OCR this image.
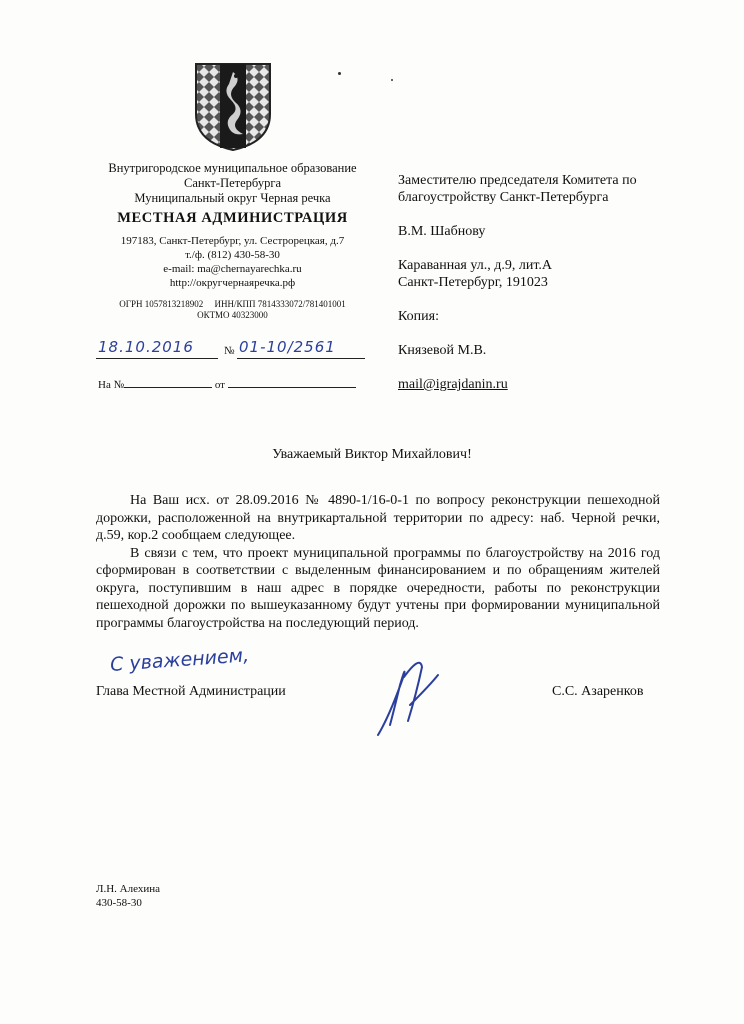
Внутригородское муниципальное образование
Санкт-Петербурга
Муниципальный округ Черная речка
МЕСТНАЯ АДМИНИСТРАЦИЯ
197183, Санкт-Петербург, ул. Сестрорецкая, д.7
т./ф. (812) 430-58-30
e-mail: ma@chernayarechka.ru
http://округчернаяречка.рф
ОГРН 1057813218902 ИНН/КПП 7814333072/781401001
ОКТМО 40323000
18.10.2016	№ 01-10/2561
На №	от

Заместителю председателя Комитета по

благоустройству Санкт-Петербурга

В.М. Шабнову

Караванная ул., д.9, лит.А

Санкт-Петербург, 191023

Копия:

Князевой М.В.

mail@igrajdanin.ru

Уважаемый Виктор Михайлович!

На Ваш исх. от 28.09.2016 № 4890-1/16-0-1 по вопросу реконструкции пешеходной дорожки, расположенной на внутрикартальной территории по адресу: наб. Черной речки, д.59, кор.2 сообщаем следующее.

В связи с тем, что проект муниципальной программы по благоустройству на 2016 год сформирован в соответствии с выделенным финансированием и по обращениям жителей округа, поступившим в наш адрес в порядке очередности, работы по реконструкции пешеходной дорожки по вышеуказанному будут учтены при формировании муниципальной программы благоустройства на последующий период.

С уважением,
Глава Местной Администрации	С.С. Азаренков
Л.Н. Алехина
430-58-30
